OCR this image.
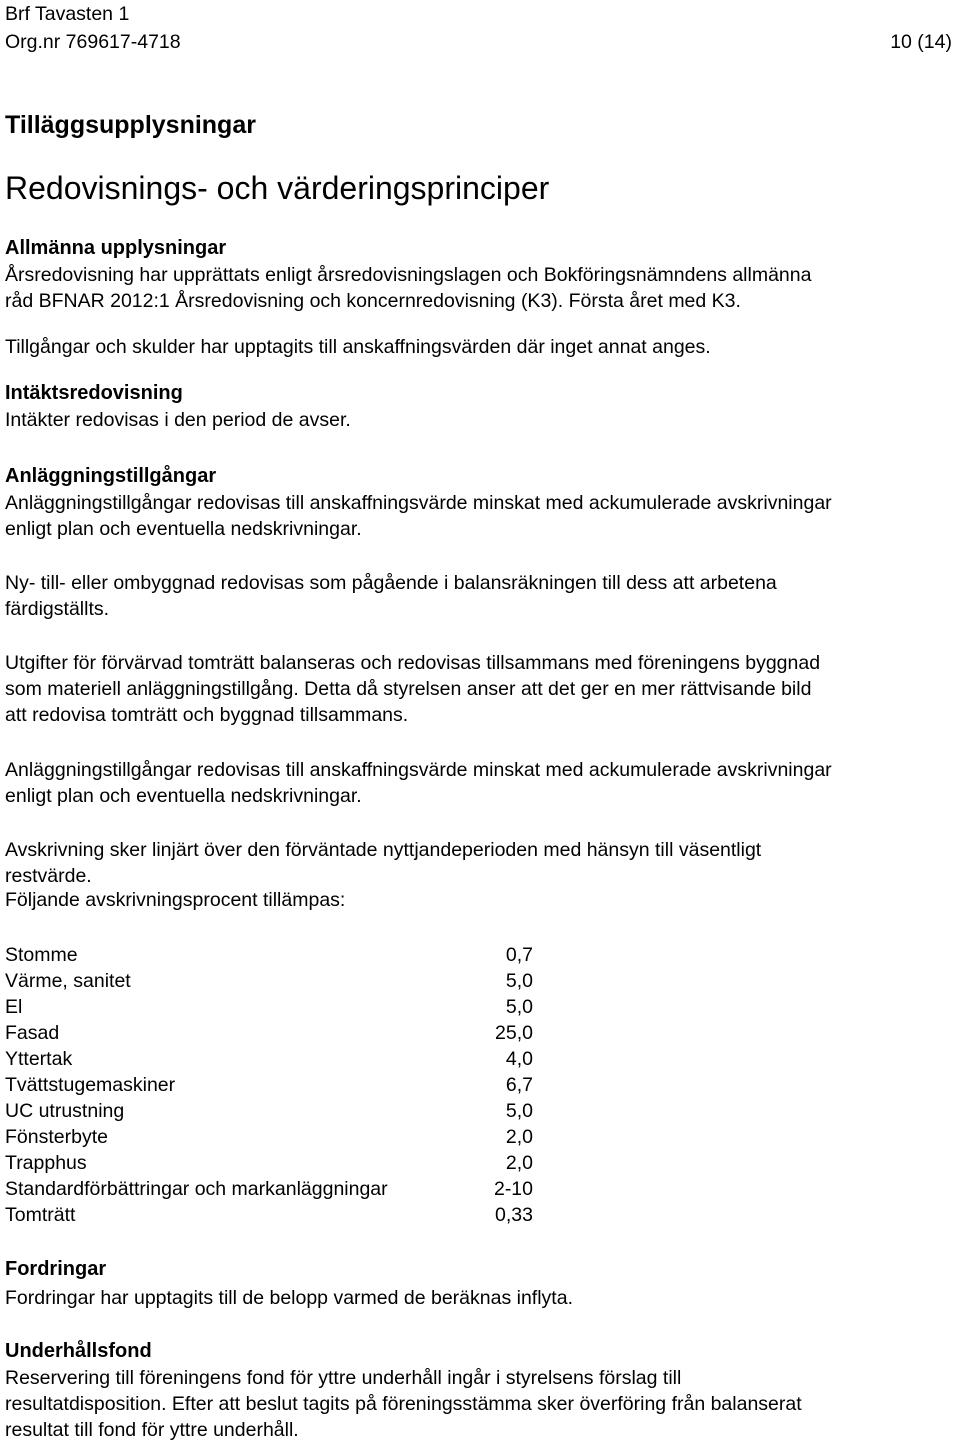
Brf Tavasten 1
Org.nr 769617-4718	10 (14)
Tilläggsupplysningar
Redovisnings- och värderingsprinciper
Allmänna upplysningar
Årsredovisning har upprättats enligt årsredovisningslagen och Bokföringsnämndens allmänna
råd BFNAR 2012:1 Årsredovisning och koncernredovisning (K3). Första året med K3.
Tillgångar och skulder har upptagits till anskaffningsvärden där inget annat anges.
Intäktsredovisning
Intäkter redovisas i den period de avser.
Anläggningstillgångar
Anläggningstillgångar redovisas till anskaffningsvärde minskat med ackumulerade avskrivningar
enligt plan och eventuella nedskrivningar.
Ny- till- eller ombyggnad redovisas som pågående i balansräkningen till dess att arbetena
färdigställts.
Utgifter för förvärvad tomträtt balanseras och redovisas tillsammans med föreningens byggnad
som materiell anläggningstillgång. Detta då styrelsen anser att det ger en mer rättvisande bild
att redovisa tomträtt och byggnad tillsammans.
Anläggningstillgångar redovisas till anskaffningsvärde minskat med ackumulerade avskrivningar
enligt plan och eventuella nedskrivningar.
Avskrivning sker linjärt över den förväntade nyttjandeperioden med hänsyn till väsentligt
restvärde.
Följande avskrivningsprocent tillämpas:
Stomme	0,7
Värme, sanitet	5,0
El	5,0
Fasad	25,0
Yttertak	4,0
Tvättstugemaskiner	6,7
UC utrustning	5,0
Fönsterbyte	2,0
Trapphus	2,0
Standardförbättringar och markanläggningar	2-10
Tomträtt	0,33
Fordringar
Fordringar har upptagits till de belopp varmed de beräknas inflyta.
Underhållsfond
Reservering till föreningens fond för yttre underhåll ingår i styrelsens förslag till
resultatdisposition. Efter att beslut tagits på föreningsstämma sker överföring från balanserat
resultat till fond för yttre underhåll.
